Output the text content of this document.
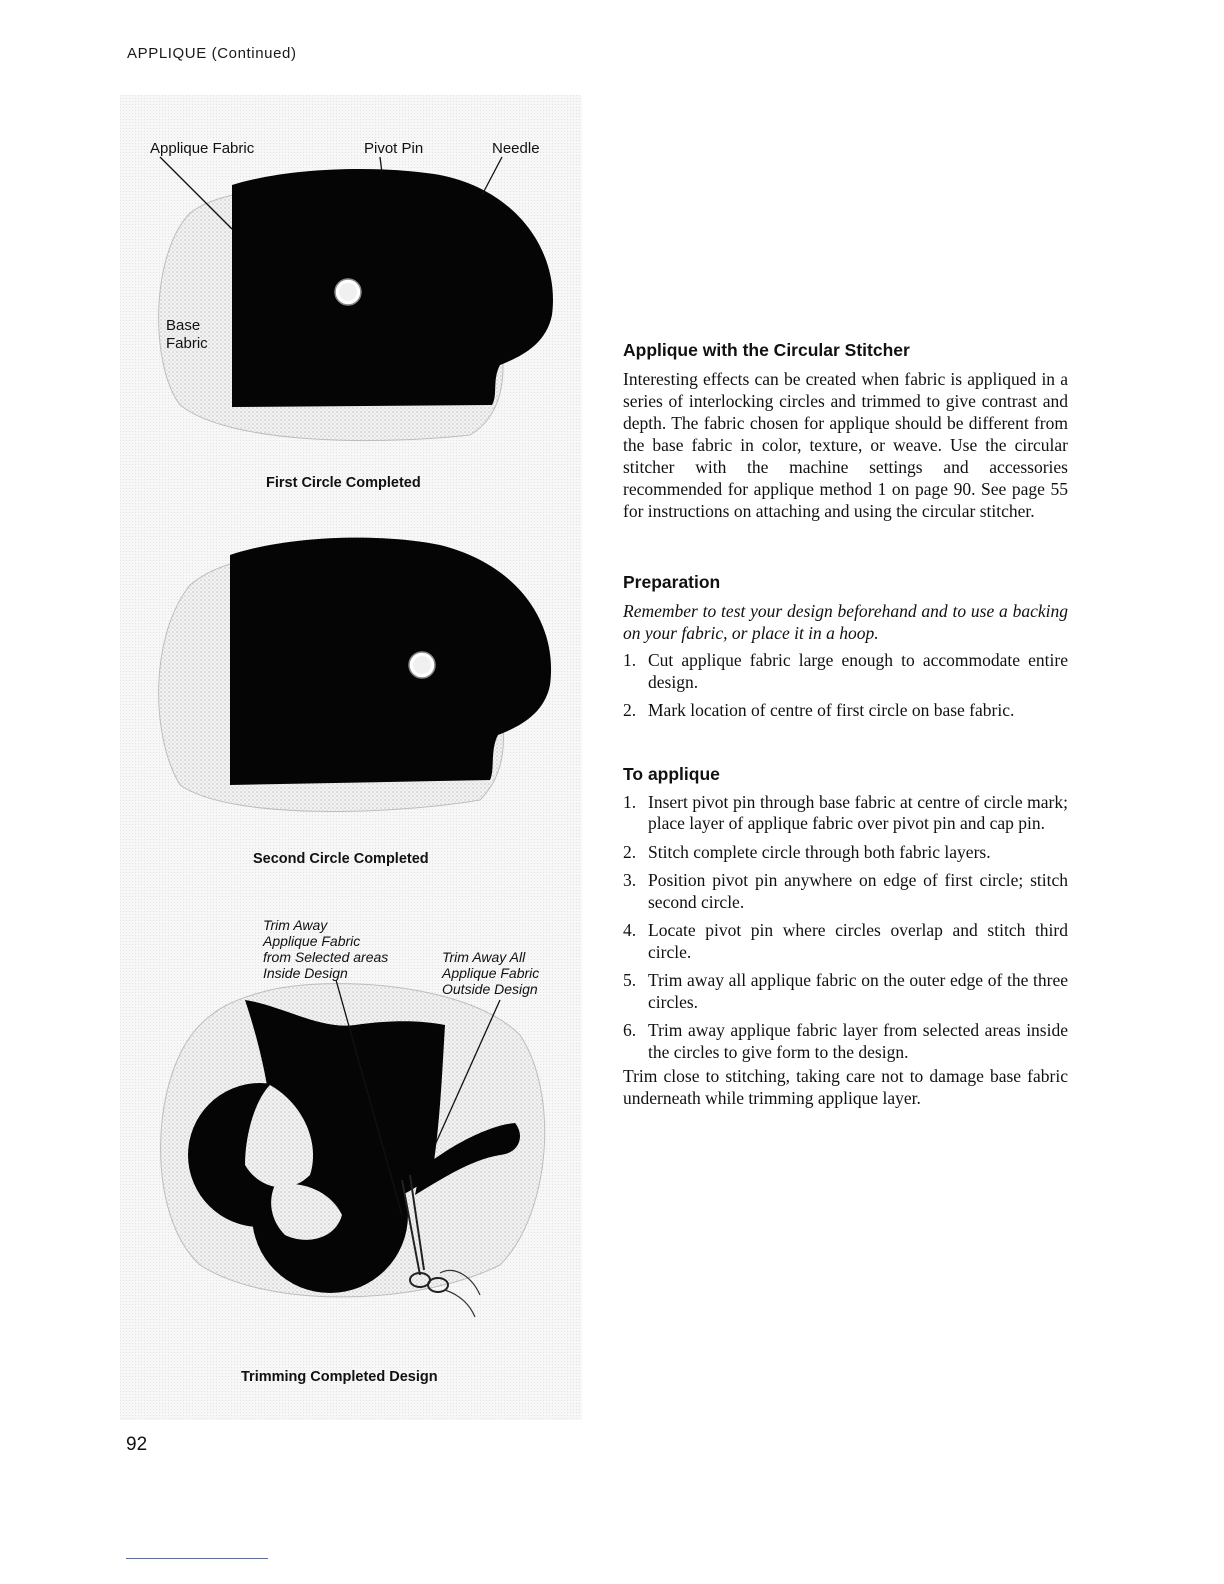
APPLIQUE (Continued)
Applique Fabric	Pivot Pin	Needle
Base
Fabric
First Circle Completed
Second Circle Completed
Trim Away
Applique Fabric
from Selected areas
Inside Design
Trim Away All
Applique Fabric
Outside Design
Trimming Completed Design
Applique with the Circular Stitcher

Interesting effects can be created when fabric is appliqued in a series of interlocking circles and trimmed to give contrast and depth. The fabric chosen for applique should be different from the base fabric in color, texture, or weave. Use the circular stitcher with the machine settings and accessories recommended for applique method 1 on page 90. See page 55 for instructions on attaching and using the circular stitcher.

Preparation

Remember to test your design beforehand and to use a backing on your fabric, or place it in a hoop.

1. Cut applique fabric large enough to accommodate entire design.
2. Mark location of centre of first circle on base fabric.
To applique
1. Insert pivot pin through base fabric at centre of circle mark; place layer of applique fabric over pivot pin and cap pin.
2. Stitch complete circle through both fabric layers.
3. Position pivot pin anywhere on edge of first circle; stitch second circle.
4. Locate pivot pin where circles overlap and stitch third circle.
5. Trim away all applique fabric on the outer edge of the three circles.
6. Trim away applique fabric layer from selected areas inside the circles to give form to the design.

Trim close to stitching, taking care not to damage base fabric underneath while trimming applique layer.

92
